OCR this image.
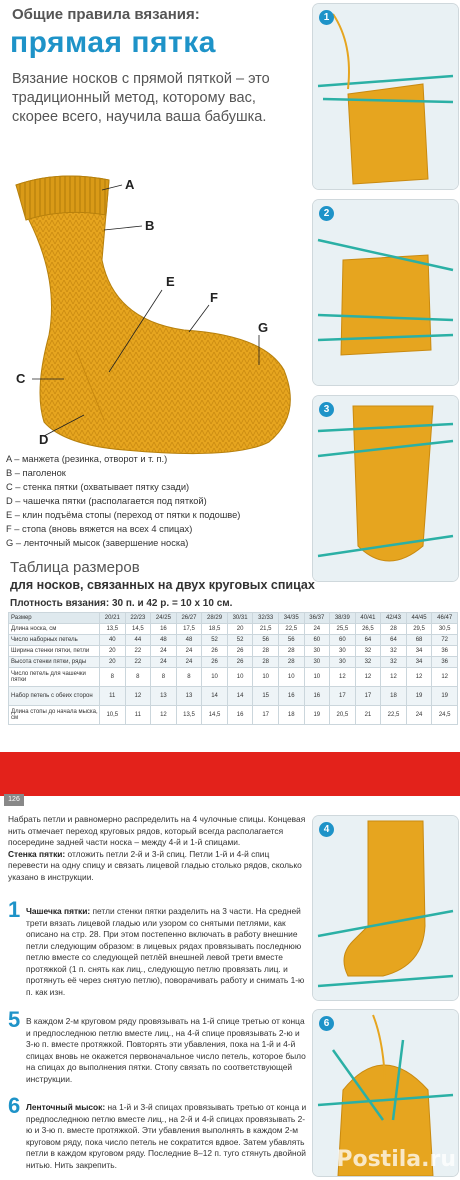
Общие правила вязания:
прямая пятка
Вязание носков с прямой пяткой – это традиционный метод, которому вас, скорее всего, научила ваша бабушка.
A
B
C
D
E
F
G
A – манжета (резинка, отворот и т. п.)
B – паголенок
C – стенка пятки (охватывает пятку сзади)
D – чашечка пятки (располагается под пяткой)
E – клин подъёма стопы (переход от пятки к подошве)
F – стопа (вновь вяжется на всех 4 спицах)
G – ленточный мысок (завершение носка)
1
2
3
Таблица размеров
для носков, связанных на двух круговых спицах
Плотность вязания: 30 п. и 42 р. = 10 х 10 см.
Размер	20/21	22/23	24/25	26/27	28/29	30/31	32/33	34/35	36/37	38/39	40/41	42/43	44/45	46/47
Длина носка, см	13,5	14,5	16	17,5	18,5	20	21,5	22,5	24	25,5	26,5	28	29,5	30,5
Число наборных петель	40	44	48	48	52	52	56	56	60	60	64	64	68	72
Ширина стенки пятки, петли	20	22	24	24	26	26	28	28	30	30	32	32	34	36
Высота стенки пятки, ряды	20	22	24	24	26	26	28	28	30	30	32	32	34	36
Число петель для чашечки пятки	8	8	8	8	10	10	10	10	10	12	12	12	12	12
Набор петель с обеих сторон	11	12	13	13	14	14	15	16	16	17	17	18	19	19
Длина стопы до начала мыска, см	10,5	11	12	13,5	14,5	16	17	18	19	20,5	21	22,5	24	24,5
126
Набрать петли и равномерно распределить на 4 чулочные спицы. Концевая нить отмечает переход круговых рядов, который всегда располагается посередине задней части носка – между 4-й и 1-й спицами.
Стенка пятки: отложить петли 2-й и 3-й спиц. Петли 1-й и 4-й спиц перевести на одну спицу и связать лицевой гладью столько рядов, сколько указано в инструкции.
1 Чашечка пятки: петли стенки пятки разделить на 3 части. На средней трети вязать лицевой гладью или узором со снятыми петлями, как описано на стр. 28. При этом постепенно включать в работу внешние петли следующим образом: в лицевых рядах провязывать последнюю петлю вместе со следующей петлёй внешней левой трети вместе протяжкой (1 п. снять как лиц., следующую петлю провязать лиц. и протянуть её через снятую петлю), поворачивать работу и снимать 1-ю п. как изн.
5 В каждом 2-м круговом ряду провязывать на 1-й спице третью от конца и предпоследнюю петлю вместе лиц., на 4-й спице провязывать 2-ю и 3-ю п. вместе протяжкой. Повторять эти убавления, пока на 1-й и 4-й спицах вновь не окажется первоначальное число петель, которое было на спицах до выполнения пятки. Стопу связать по соответствующей инструкции.
6 Ленточный мысок: на 1-й и 3-й спицах провязывать третью от конца и предпоследнюю петлю вместе лиц., на 2-й и 4-й спицах провязывать 2-ю и 3-ю п. вместе протяжкой. Эти убавления выполнять в каждом 2-м круговом ряду, пока число петель не сократится вдвое. Затем убавлять петли в каждом круговом ряду. Последние 8–12 п. туго стянуть двойной нитью. Нить закрепить.
4
6
Postila.ru
